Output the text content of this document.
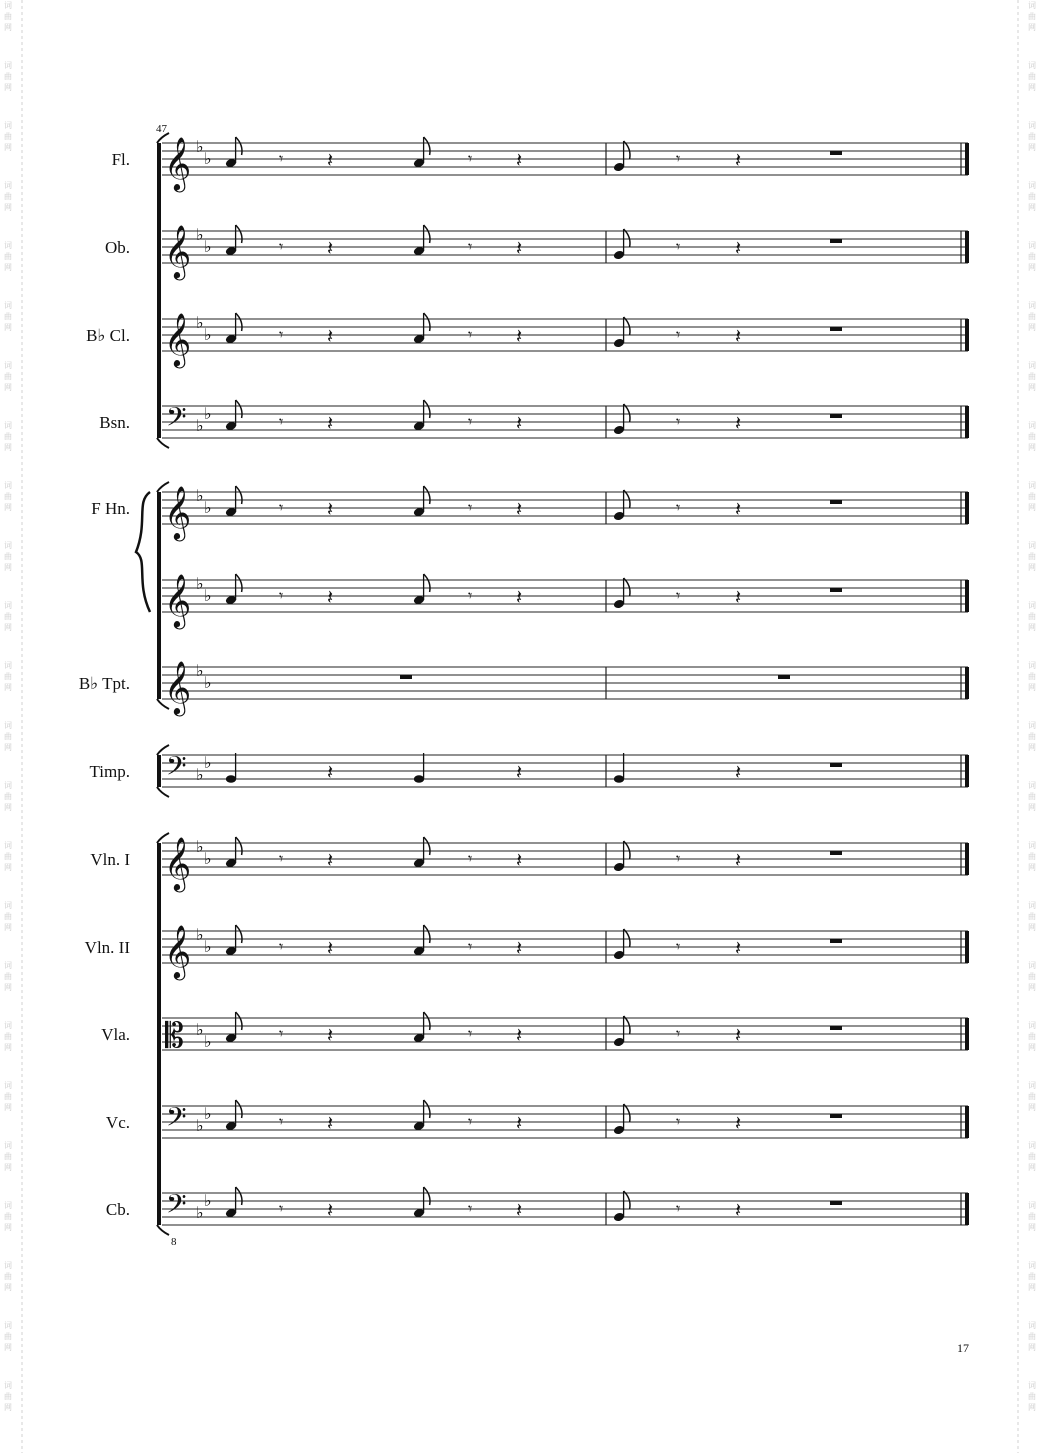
词
曲
网
词
曲
网
词
曲
网
词
曲
网
词
曲
网
词
曲
网
词
曲
网
词
曲
网
词
曲
网
词
曲
网
词
曲
网
词
曲
网
词
曲
网
词
曲
网
词
曲
网
词
曲
网
词
曲
网
词
曲
网
词
曲
网
词
曲
网
词
曲
网
词
曲
网
词
曲
网
词
曲
网
词
曲
网
词
曲
网
词
曲
网
词
曲
网
词
曲
网
词
曲
网
词
曲
网
词
曲
网
词
曲
网
词
曲
网
词
曲
网
词
曲
网
词
曲
网
词
曲
网
词
曲
网
词
曲
网
词
曲
网
词
曲
网
词
曲
网
词
曲
网
词
曲
网
词
曲
网
词
曲
网
词
曲
网
47
𝄞 ♭
♭
Fl.	𝄾 𝄽	𝄾 𝄽	𝄾	𝄽
𝄞 ♭
♭
Ob.	𝄾 𝄽	𝄾 𝄽	𝄾	𝄽
𝄞 ♭
♭
B♭ Cl.	𝄾 𝄽	𝄾 𝄽	𝄾	𝄽
𝄢 ♭
♭
Bsn.	𝄾 𝄽	𝄾 𝄽	𝄾	𝄽
𝄞 ♭
♭
F Hn.	𝄾 𝄽	𝄾 𝄽	𝄾	𝄽
𝄞 ♭
♭	𝄾 𝄽	𝄾 𝄽	𝄾	𝄽
𝄞 ♭
♭
B♭ Tpt.
𝄢 ♭
♭
Timp.	𝄽	𝄽	𝄽
𝄞 ♭
♭
Vln. I	𝄾 𝄽	𝄾 𝄽	𝄾	𝄽
𝄞 ♭
♭
Vln. II	𝄾 𝄽	𝄾 𝄽	𝄾	𝄽
𝄡 ♭
♭
Vla.	𝄾 𝄽	𝄾 𝄽	𝄾	𝄽
𝄢 ♭
♭
Vc.	𝄾 𝄽	𝄾 𝄽	𝄾	𝄽
𝄢 ♭
♭
Cb.
8
𝄾 𝄽	𝄾 𝄽	𝄾	𝄽
17
